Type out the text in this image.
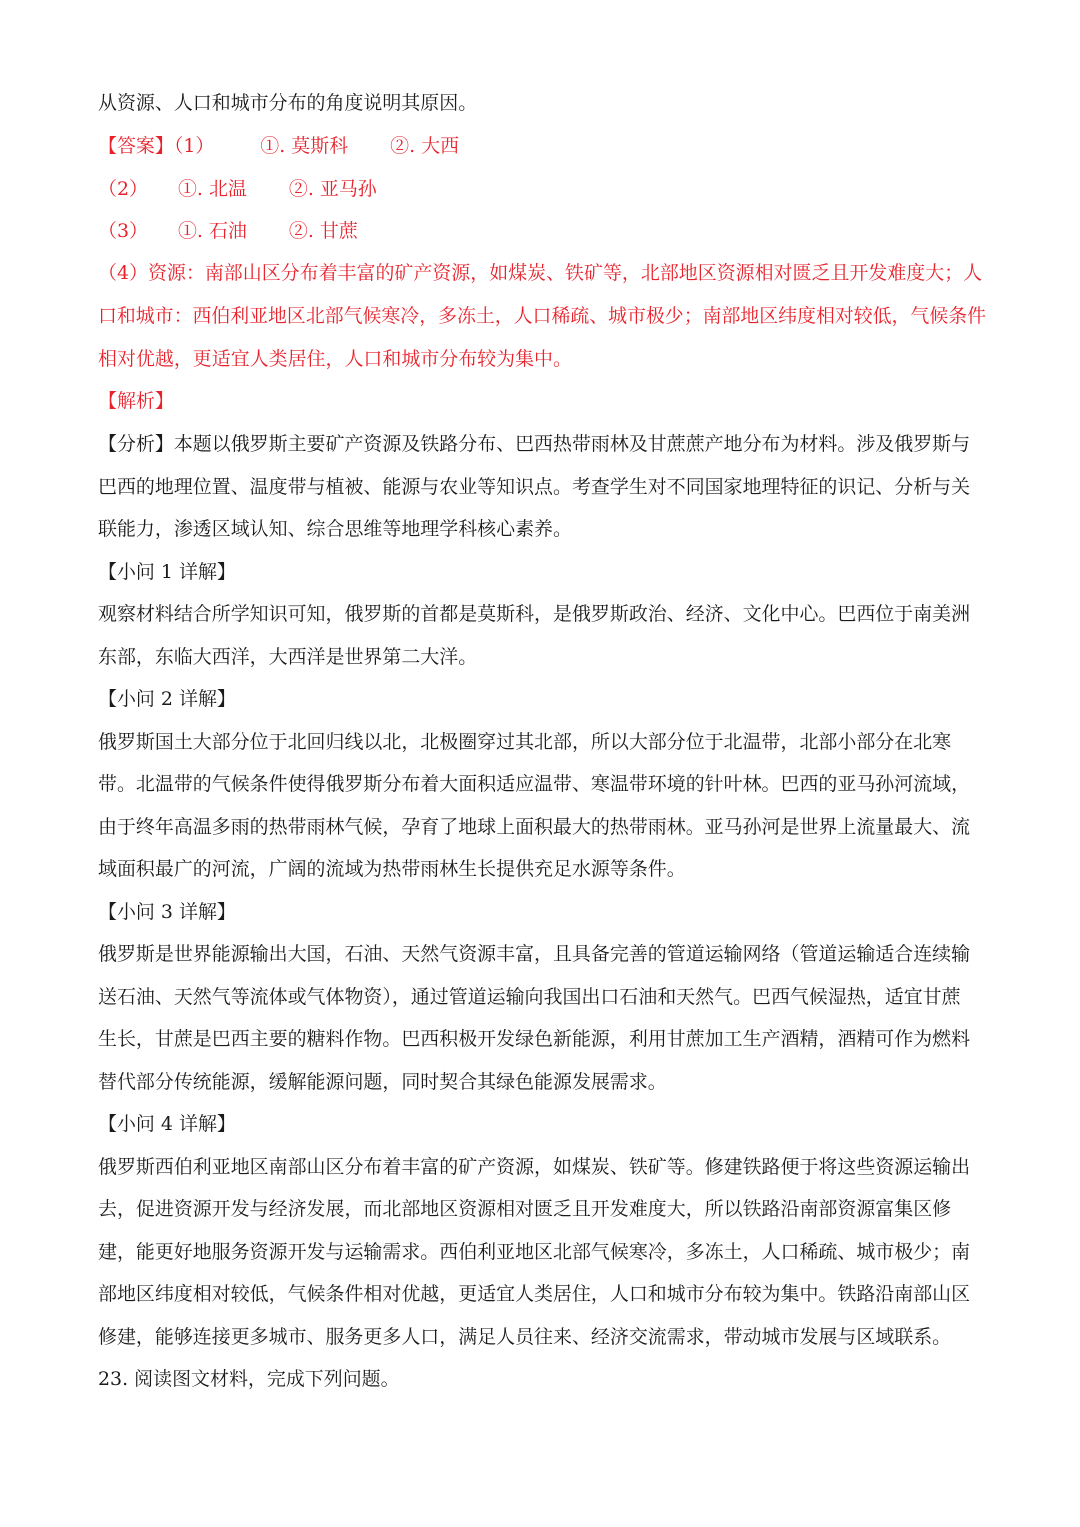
从资源、人口和城市分布的角度说明其原因。
【答案】（1） ①. 莫斯科 ②. 大西
（2） ①. 北温 ②. 亚马孙
（3） ①. 石油 ②. 甘蔗
（4）资源：南部山区分布着丰富的矿产资源，如煤炭、铁矿等，北部地区资源相对匮乏且开发难度大；人
口和城市：西伯利亚地区北部气候寒冷，多冻土，人口稀疏、城市极少；南部地区纬度相对较低，气候条件
相对优越，更适宜人类居住，人口和城市分布较为集中。
【解析】
【分析】本题以俄罗斯主要矿产资源及铁路分布、巴西热带雨林及甘蔗蔗产地分布为材料。涉及俄罗斯与
巴西的地理位置、温度带与植被、能源与农业等知识点。考查学生对不同国家地理特征的识记、分析与关
联能力，渗透区域认知、综合思维等地理学科核心素养。
【小问 1 详解】
观察材料结合所学知识可知，俄罗斯的首都是莫斯科，是俄罗斯政治、经济、文化中心。巴西位于南美洲
东部，东临大西洋，大西洋是世界第二大洋。
【小问 2 详解】
俄罗斯国土大部分位于北回归线以北，北极圈穿过其北部，所以大部分位于北温带，北部小部分在北寒
带。北温带的气候条件使得俄罗斯分布着大面积适应温带、寒温带环境的针叶林。巴西的亚马孙河流域，
由于终年高温多雨的热带雨林气候，孕育了地球上面积最大的热带雨林。亚马孙河是世界上流量最大、流
域面积最广的河流，广阔的流域为热带雨林生长提供充足水源等条件。
【小问 3 详解】
俄罗斯是世界能源输出大国，石油、天然气资源丰富，且具备完善的管道运输网络（管道运输适合连续输
送石油、天然气等流体或气体物资），通过管道运输向我国出口石油和天然气。巴西气候湿热，适宜甘蔗
生长，甘蔗是巴西主要的糖料作物。巴西积极开发绿色新能源，利用甘蔗加工生产酒精，酒精可作为燃料
替代部分传统能源，缓解能源问题，同时契合其绿色能源发展需求。
【小问 4 详解】
俄罗斯西伯利亚地区南部山区分布着丰富的矿产资源，如煤炭、铁矿等。修建铁路便于将这些资源运输出
去，促进资源开发与经济发展，而北部地区资源相对匮乏且开发难度大，所以铁路沿南部资源富集区修
建，能更好地服务资源开发与运输需求。西伯利亚地区北部气候寒冷，多冻土，人口稀疏、城市极少；南
部地区纬度相对较低，气候条件相对优越，更适宜人类居住，人口和城市分布较为集中。铁路沿南部山区
修建，能够连接更多城市、服务更多人口，满足人员往来、经济交流需求，带动城市发展与区域联系。
23. 阅读图文材料，完成下列问题。
